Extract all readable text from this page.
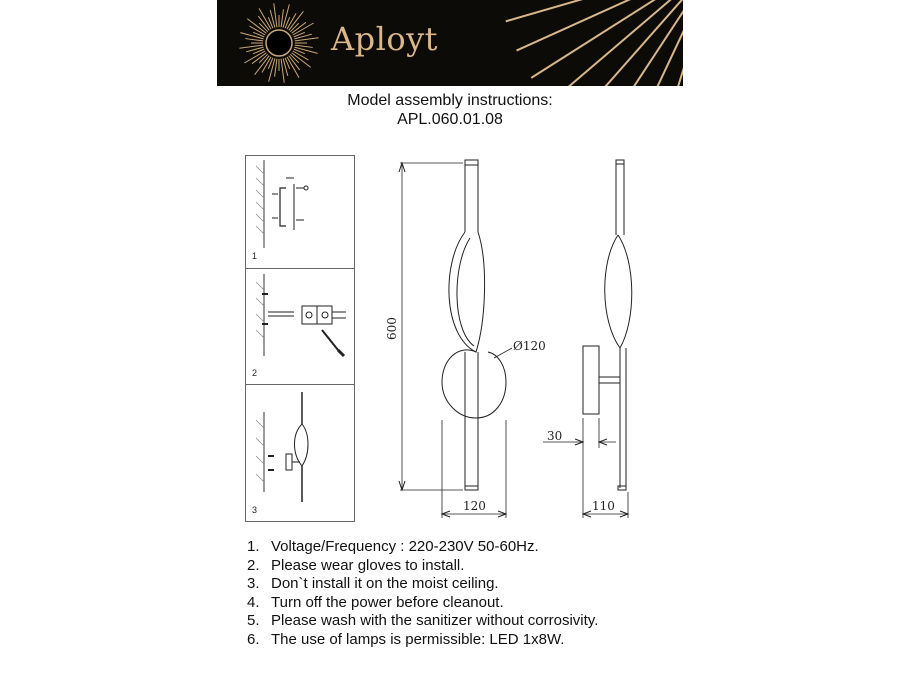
Aployt
Model assembly instructions:
APL.060.01.08
1
2
3
600
Ø120
120
30
110
1. Voltage/Frequency : 220-230V 50-60Hz.
2. Please wear gloves to install.
3. Don`t install it on the moist ceiling.
4. Turn off the power before cleanout.
5. Please wash with the sanitizer without corrosivity.
6. The use of lamps is permissible: LED 1x8W.
